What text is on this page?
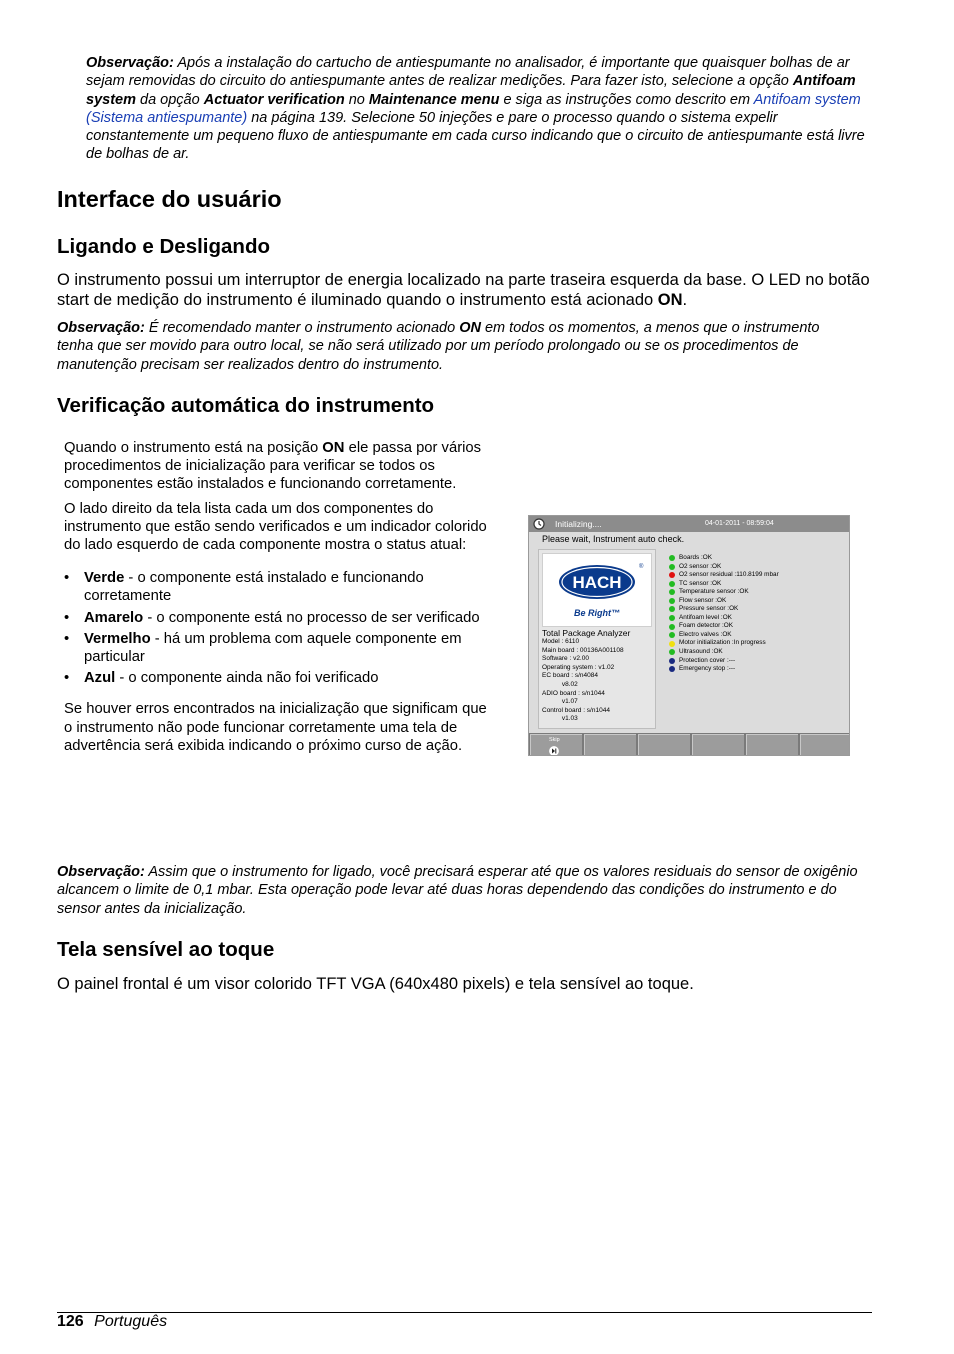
Observação: Após a instalação do cartucho de antiespumante no analisador, é importante que quaisquer bolhas de ar sejam removidas do circuito do antiespumante antes de realizar medições. Para fazer isto, selecione a opção Antifoam system da opção Actuator verification no Maintenance menu e siga as instruções como descrito em Antifoam system (Sistema antiespumante) na página 139. Selecione 50 injeções e pare o processo quando o sistema expelir constantemente um pequeno fluxo de antiespumante em cada curso indicando que o circuito de antiespumante está livre de bolhas de ar.
Interface do usuário
Ligando e Desligando
O instrumento possui um interruptor de energia localizado na parte traseira esquerda da base. O LED no botão start de medição do instrumento é iluminado quando o instrumento está acionado ON.
Observação: É recomendado manter o instrumento acionado ON em todos os momentos, a menos que o instrumento tenha que ser movido para outro local, se não será utilizado por um período prolongado ou se os procedimentos de manutenção precisam ser realizados dentro do instrumento.
Verificação automática do instrumento

Quando o instrumento está na posição ON ele passa por vários procedimentos de inicialização para verificar se todos os componentes estão instalados e funcionando corretamente.

O lado direito da tela lista cada um dos componentes do instrumento que estão sendo verificados e um indicador colorido do lado esquerdo de cada componente mostra o status atual:

• Verde - o componente está instalado e funcionando corretamente
• Amarelo - o componente está no processo de ser verificado
• Vermelho - há um problema com aquele componente em particular
• Azul - o componente ainda não foi verificado

Se houver erros encontrados na inicialização que significam que o instrumento não pode funcionar corretamente uma tela de advertência será exibida indicando o próximo curso de ação.

Initializing....	04-01-2011 - 08:59:04
Please wait, Instrument auto check.
HACH
®
Be Right™
Total Package Analyzer
Model : 6110
Main board : 00136A001108
Software : v2.00
Operating system : v1.02
EC board : s/n4084
v8.02
ADIO board : s/n1044
v1.07
Control board : s/n1044
v1.03
Boards :OK
O2 sensor :OK
O2 sensor residual :110.8199 mbar
TC sensor :OK
Temperature sensor :OK
Flow sensor :OK
Pressure sensor :OK
Antifoam level :OK
Foam detector :OK
Electro valves :OK
Motor initialization :In progress
Ultrasound :OK
Protection cover :---
Emergency stop :---
Skip
Observação: Assim que o instrumento for ligado, você precisará esperar até que os valores residuais do sensor de oxigênio alcancem o limite de 0,1 mbar. Esta operação pode levar até duas horas dependendo das condições do instrumento e do sensor antes da inicialização.
Tela sensível ao toque
O painel frontal é um visor colorido TFT VGA (640x480 pixels) e tela sensível ao toque.
126 Português
